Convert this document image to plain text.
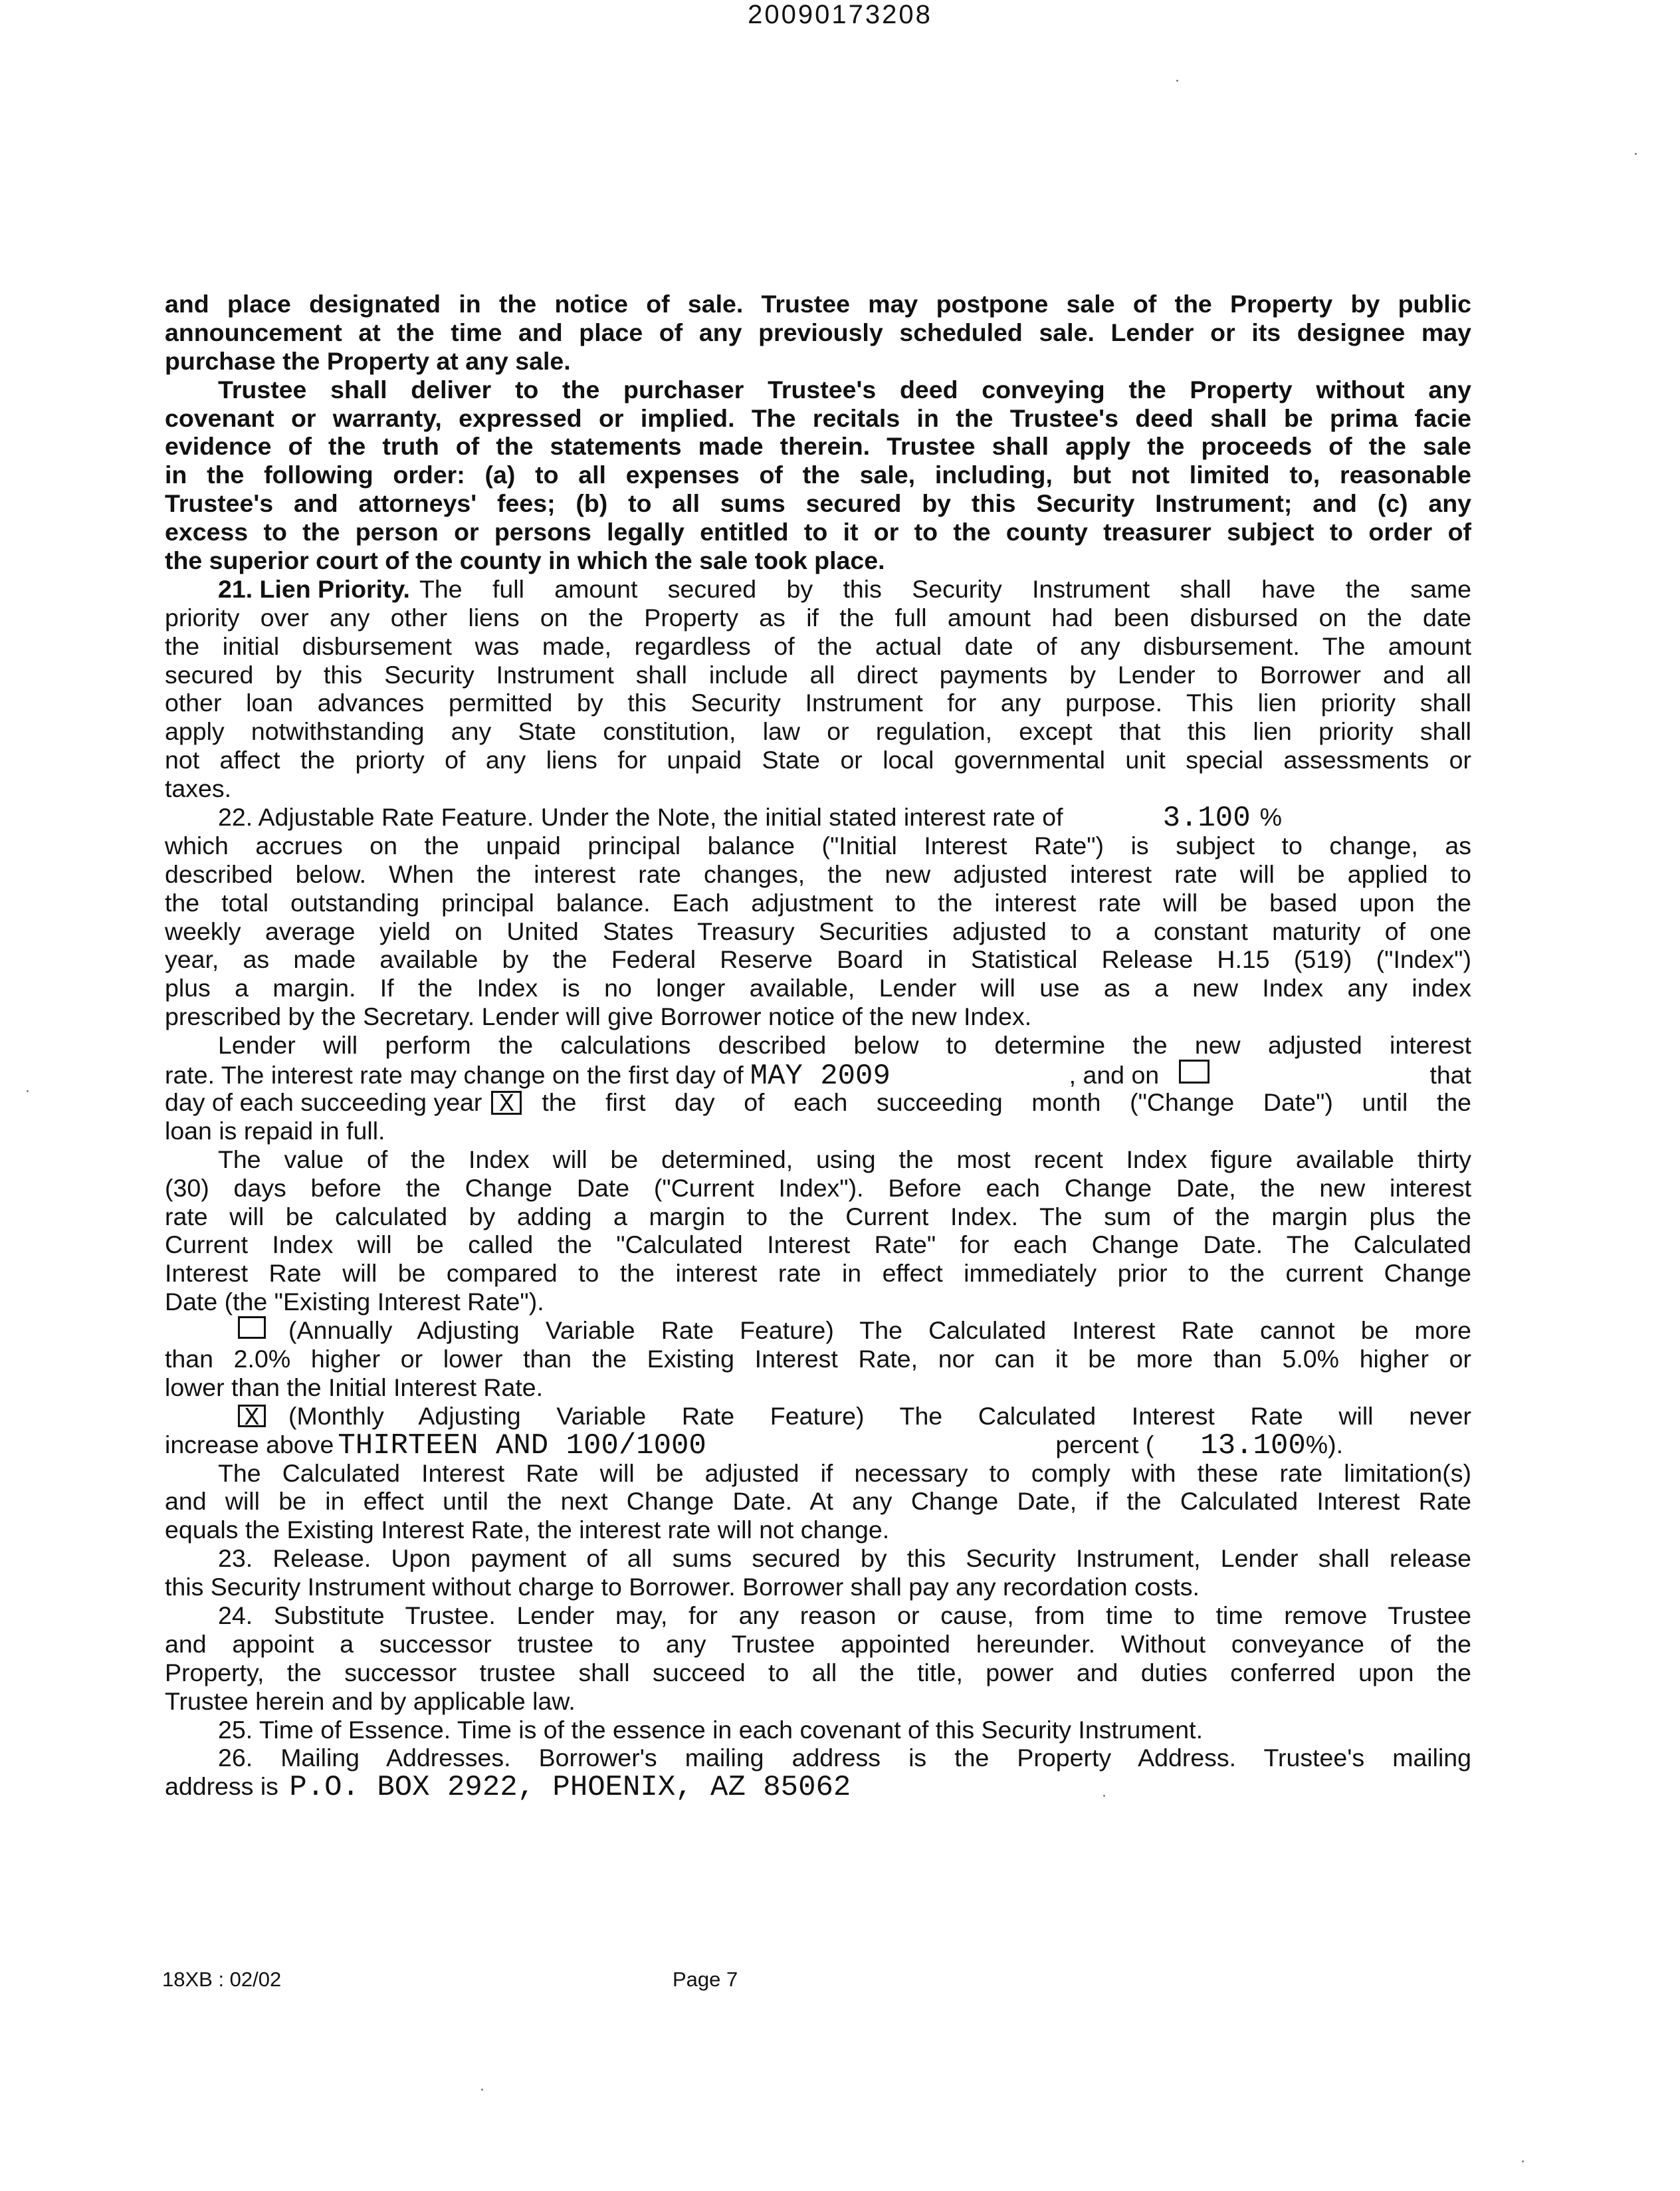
20090173208
and place designated in the notice of sale. Trustee may postpone sale of the Property by public
announcement at the time and place of any previously scheduled sale. Lender or its designee may
purchase the Property at any sale.
Trustee shall deliver to the purchaser Trustee's deed conveying the Property without any
covenant or warranty, expressed or implied. The recitals in the Trustee's deed shall be prima facie
evidence of the truth of the statements made therein. Trustee shall apply the proceeds of the sale
in the following order: (a) to all expenses of the sale, including, but not limited to, reasonable
Trustee's and attorneys' fees; (b) to all sums secured by this Security Instrument; and (c) any
excess to the person or persons legally entitled to it or to the county treasurer subject to order of
the superior court of the county in which the sale took place.
21. Lien Priority. The full amount secured by this Security Instrument shall have the same
priority over any other liens on the Property as if the full amount had been disbursed on the date
the initial disbursement was made, regardless of the actual date of any disbursement. The amount
secured by this Security Instrument shall include all direct payments by Lender to Borrower and all
other loan advances permitted by this Security Instrument for any purpose. This lien priority shall
apply notwithstanding any State constitution, law or regulation, except that this lien priority shall
not affect the priorty of any liens for unpaid State or local governmental unit special assessments or
taxes.
22. Adjustable Rate Feature. Under the Note, the initial stated interest rate of	3.100 %
which accrues on the unpaid principal balance ("Initial Interest Rate") is subject to change, as
described below. When the interest rate changes, the new adjusted interest rate will be applied to
the total outstanding principal balance. Each adjustment to the interest rate will be based upon the
weekly average yield on United States Treasury Securities adjusted to a constant maturity of one
year, as made available by the Federal Reserve Board in Statistical Release H.15 (519) ("Index")
plus a margin. If the Index is no longer available, Lender will use as a new Index any index
prescribed by the Secretary. Lender will give Borrower notice of the new Index.
Lender will perform the calculations described below to determine the new adjusted interest
rate. The interest rate may change on the first day of MAY 2009	, and on	that
day of each succeeding year X	the first day of each succeeding month ("Change Date") until the
loan is repaid in full.
The value of the Index will be determined, using the most recent Index figure available thirty
(30) days before the Change Date ("Current Index"). Before each Change Date, the new interest
rate will be calculated by adding a margin to the Current Index. The sum of the margin plus the
Current Index will be called the "Calculated Interest Rate" for each Change Date. The Calculated
Interest Rate will be compared to the interest rate in effect immediately prior to the current Change
Date (the "Existing Interest Rate").
(Annually Adjusting Variable Rate Feature) The Calculated Interest Rate cannot be more
than 2.0% higher or lower than the Existing Interest Rate, nor can it be more than 5.0% higher or
lower than the Initial Interest Rate.
X (Monthly Adjusting Variable Rate Feature) The Calculated Interest Rate will never
increase above THIRTEEN AND 100/1000	percent ( 13.100 %).
The Calculated Interest Rate will be adjusted if necessary to comply with these rate limitation(s)
and will be in effect until the next Change Date. At any Change Date, if the Calculated Interest Rate
equals the Existing Interest Rate, the interest rate will not change.
23. Release. Upon payment of all sums secured by this Security Instrument, Lender shall release
this Security Instrument without charge to Borrower. Borrower shall pay any recordation costs.
24. Substitute Trustee. Lender may, for any reason or cause, from time to time remove Trustee
and appoint a successor trustee to any Trustee appointed hereunder. Without conveyance of the
Property, the successor trustee shall succeed to all the title, power and duties conferred upon the
Trustee herein and by applicable law.
25. Time of Essence. Time is of the essence in each covenant of this Security Instrument.
26. Mailing Addresses. Borrower's mailing address is the Property Address. Trustee's mailing
address is P.O. BOX 2922, PHOENIX, AZ 85062
18XB : 02/02	Page 7
